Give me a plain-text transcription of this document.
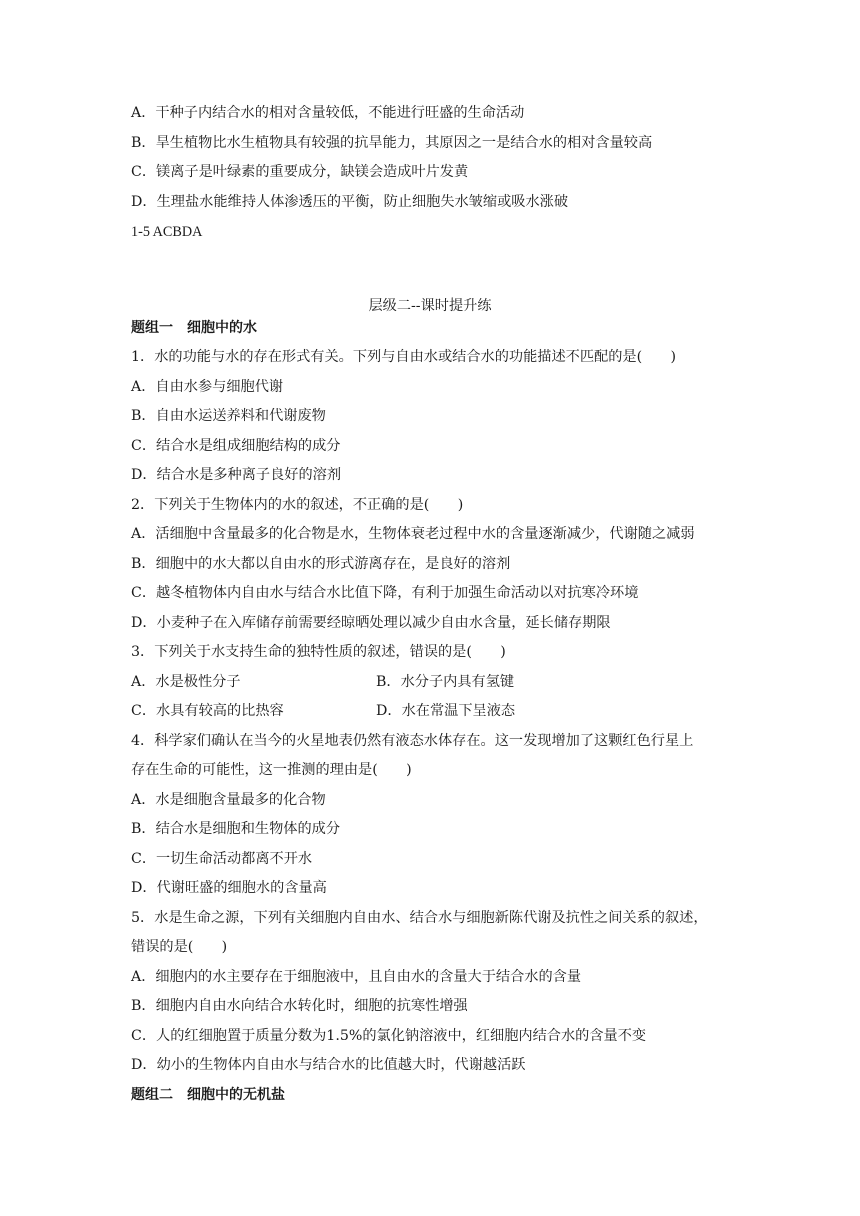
A．干种子内结合水的相对含量较低，不能进行旺盛的生命活动
B．旱生植物比水生植物具有较强的抗旱能力，其原因之一是结合水的相对含量较高
C．镁离子是叶绿素的重要成分，缺镁会造成叶片发黄
D．生理盐水能维持人体渗透压的平衡，防止细胞失水皱缩或吸水涨破
1-5 ACBDA
层级二--课时提升练
题组一　细胞中的水
1．水的功能与水的存在形式有关。下列与自由水或结合水的功能描述不匹配的是(　　)
A．自由水参与细胞代谢
B．自由水运送养料和代谢废物
C．结合水是组成细胞结构的成分
D．结合水是多种离子良好的溶剂
2．下列关于生物体内的水的叙述，不正确的是(　　)
A．活细胞中含量最多的化合物是水，生物体衰老过程中水的含量逐渐减少，代谢随之减弱
B．细胞中的水大都以自由水的形式游离存在，是良好的溶剂
C．越冬植物体内自由水与结合水比值下降，有利于加强生命活动以对抗寒冷环境
D．小麦种子在入库储存前需要经晾晒处理以减少自由水含量，延长储存期限
3．下列关于水支持生命的独特性质的叙述，错误的是(　　)
A．水是极性分子	B．水分子内具有氢键
C．水具有较高的比热容	D．水在常温下呈液态
4．科学家们确认在当今的火星地表仍然有液态水体存在。这一发现增加了这颗红色行星上
存在生命的可能性，这一推测的理由是(　　)
A．水是细胞含量最多的化合物
B．结合水是细胞和生物体的成分
C．一切生命活动都离不开水
D．代谢旺盛的细胞水的含量高
5．水是生命之源，下列有关细胞内自由水、结合水与细胞新陈代谢及抗性之间关系的叙述，
错误的是(　　)
A．细胞内的水主要存在于细胞液中，且自由水的含量大于结合水的含量
B．细胞内自由水向结合水转化时，细胞的抗寒性增强
C．人的红细胞置于质量分数为1.5%的氯化钠溶液中，红细胞内结合水的含量不变
D．幼小的生物体内自由水与结合水的比值越大时，代谢越活跃
题组二　细胞中的无机盐
